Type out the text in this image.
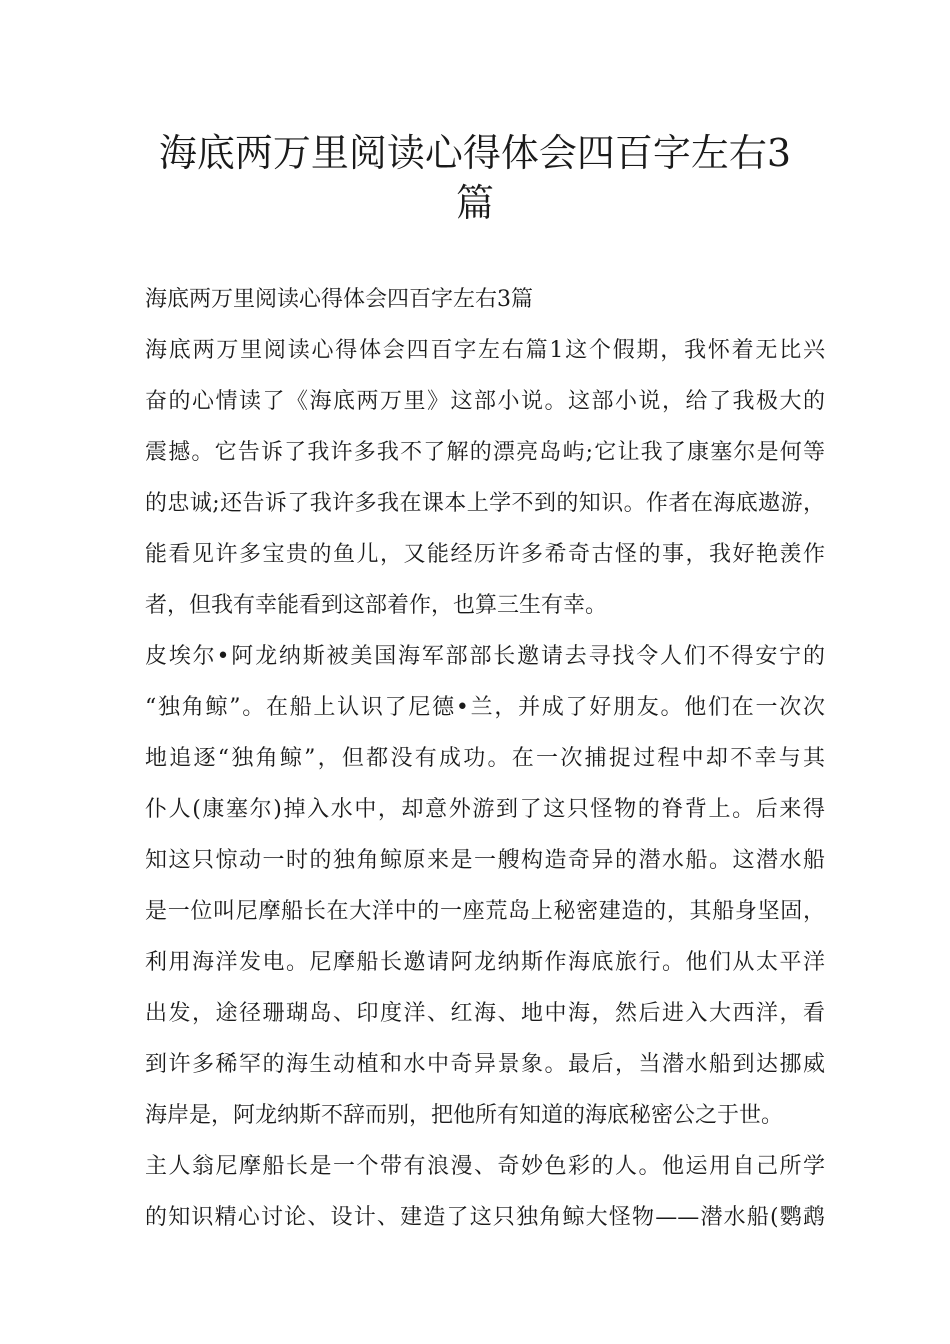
海底两万里阅读心得体会四百字左右3
篇
海底两万里阅读心得体会四百字左右3篇
海底两万里阅读心得体会四百字左右篇1这个假期，我怀着无比兴
奋的心情读了《海底两万里》这部小说。这部小说，给了我极大的
震撼。它告诉了我许多我不了解的漂亮岛屿;它让我了康塞尔是何等
的忠诚;还告诉了我许多我在课本上学不到的知识。作者在海底遨游，
能看见许多宝贵的鱼儿，又能经历许多希奇古怪的事，我好艳羡作
者，但我有幸能看到这部着作，也算三生有幸。
皮埃尔•阿龙纳斯被美国海军部部长邀请去寻找令人们不得安宁的
“独角鲸”。在船上认识了尼德•兰，并成了好朋友。他们在一次次
地追逐“独角鲸”，但都没有成功。在一次捕捉过程中却不幸与其
仆人(康塞尔)掉入水中，却意外游到了这只怪物的脊背上。后来得
知这只惊动一时的独角鲸原来是一艘构造奇异的潜水船。这潜水船
是一位叫尼摩船长在大洋中的一座荒岛上秘密建造的，其船身坚固，
利用海洋发电。尼摩船长邀请阿龙纳斯作海底旅行。他们从太平洋
出发，途径珊瑚岛、印度洋、红海、地中海，然后进入大西洋，看
到许多稀罕的海生动植和水中奇异景象。最后，当潜水船到达挪威
海岸是，阿龙纳斯不辞而别，把他所有知道的海底秘密公之于世。
主人翁尼摩船长是一个带有浪漫、奇妙色彩的人。他运用自己所学
的知识精心讨论、设计、建造了这只独角鲸大怪物——潜水船(鹦鹉
